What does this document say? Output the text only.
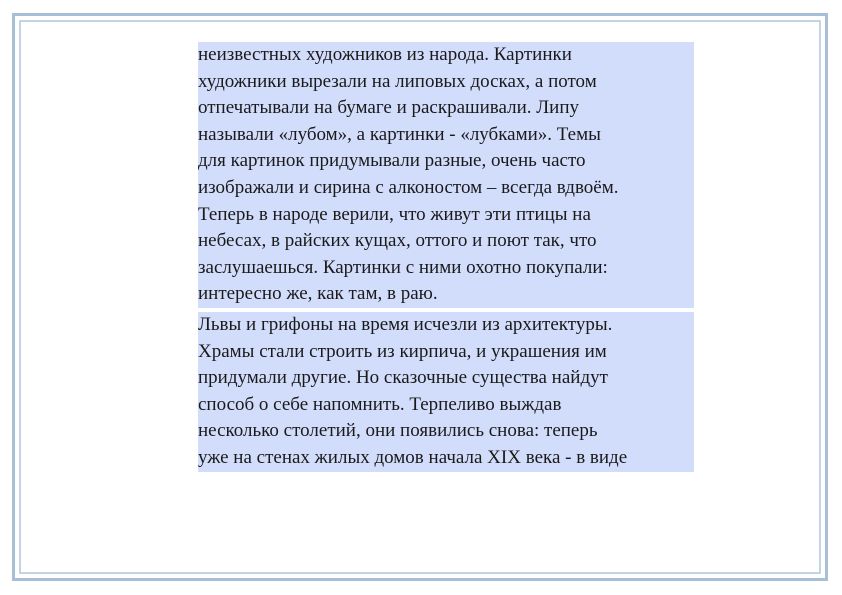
неизвестных художников из народа. Картинки
художники вырезали на липовых досках, а потом
отпечатывали на бумаге и раскрашивали. Липу
называли «лубом», а картинки - «лубками». Темы
для картинок придумывали разные, очень часто
изображали и сирина с алконостом – всегда вдвоём.
Теперь в народе верили, что живут эти птицы на
небесах, в райских кущах, оттого и поют так, что
заслушаешься. Картинки с ними охотно покупали:
интересно же, как там, в раю.

Львы и грифоны на время исчезли из архитектуры.
Храмы стали строить из кирпича, и украшения им
придумали другие. Но сказочные существа найдут
способ о себе напомнить. Терпеливо выждав
несколько столетий, они появились снова: теперь
уже на стенах жилых домов начала XIX века - в виде
